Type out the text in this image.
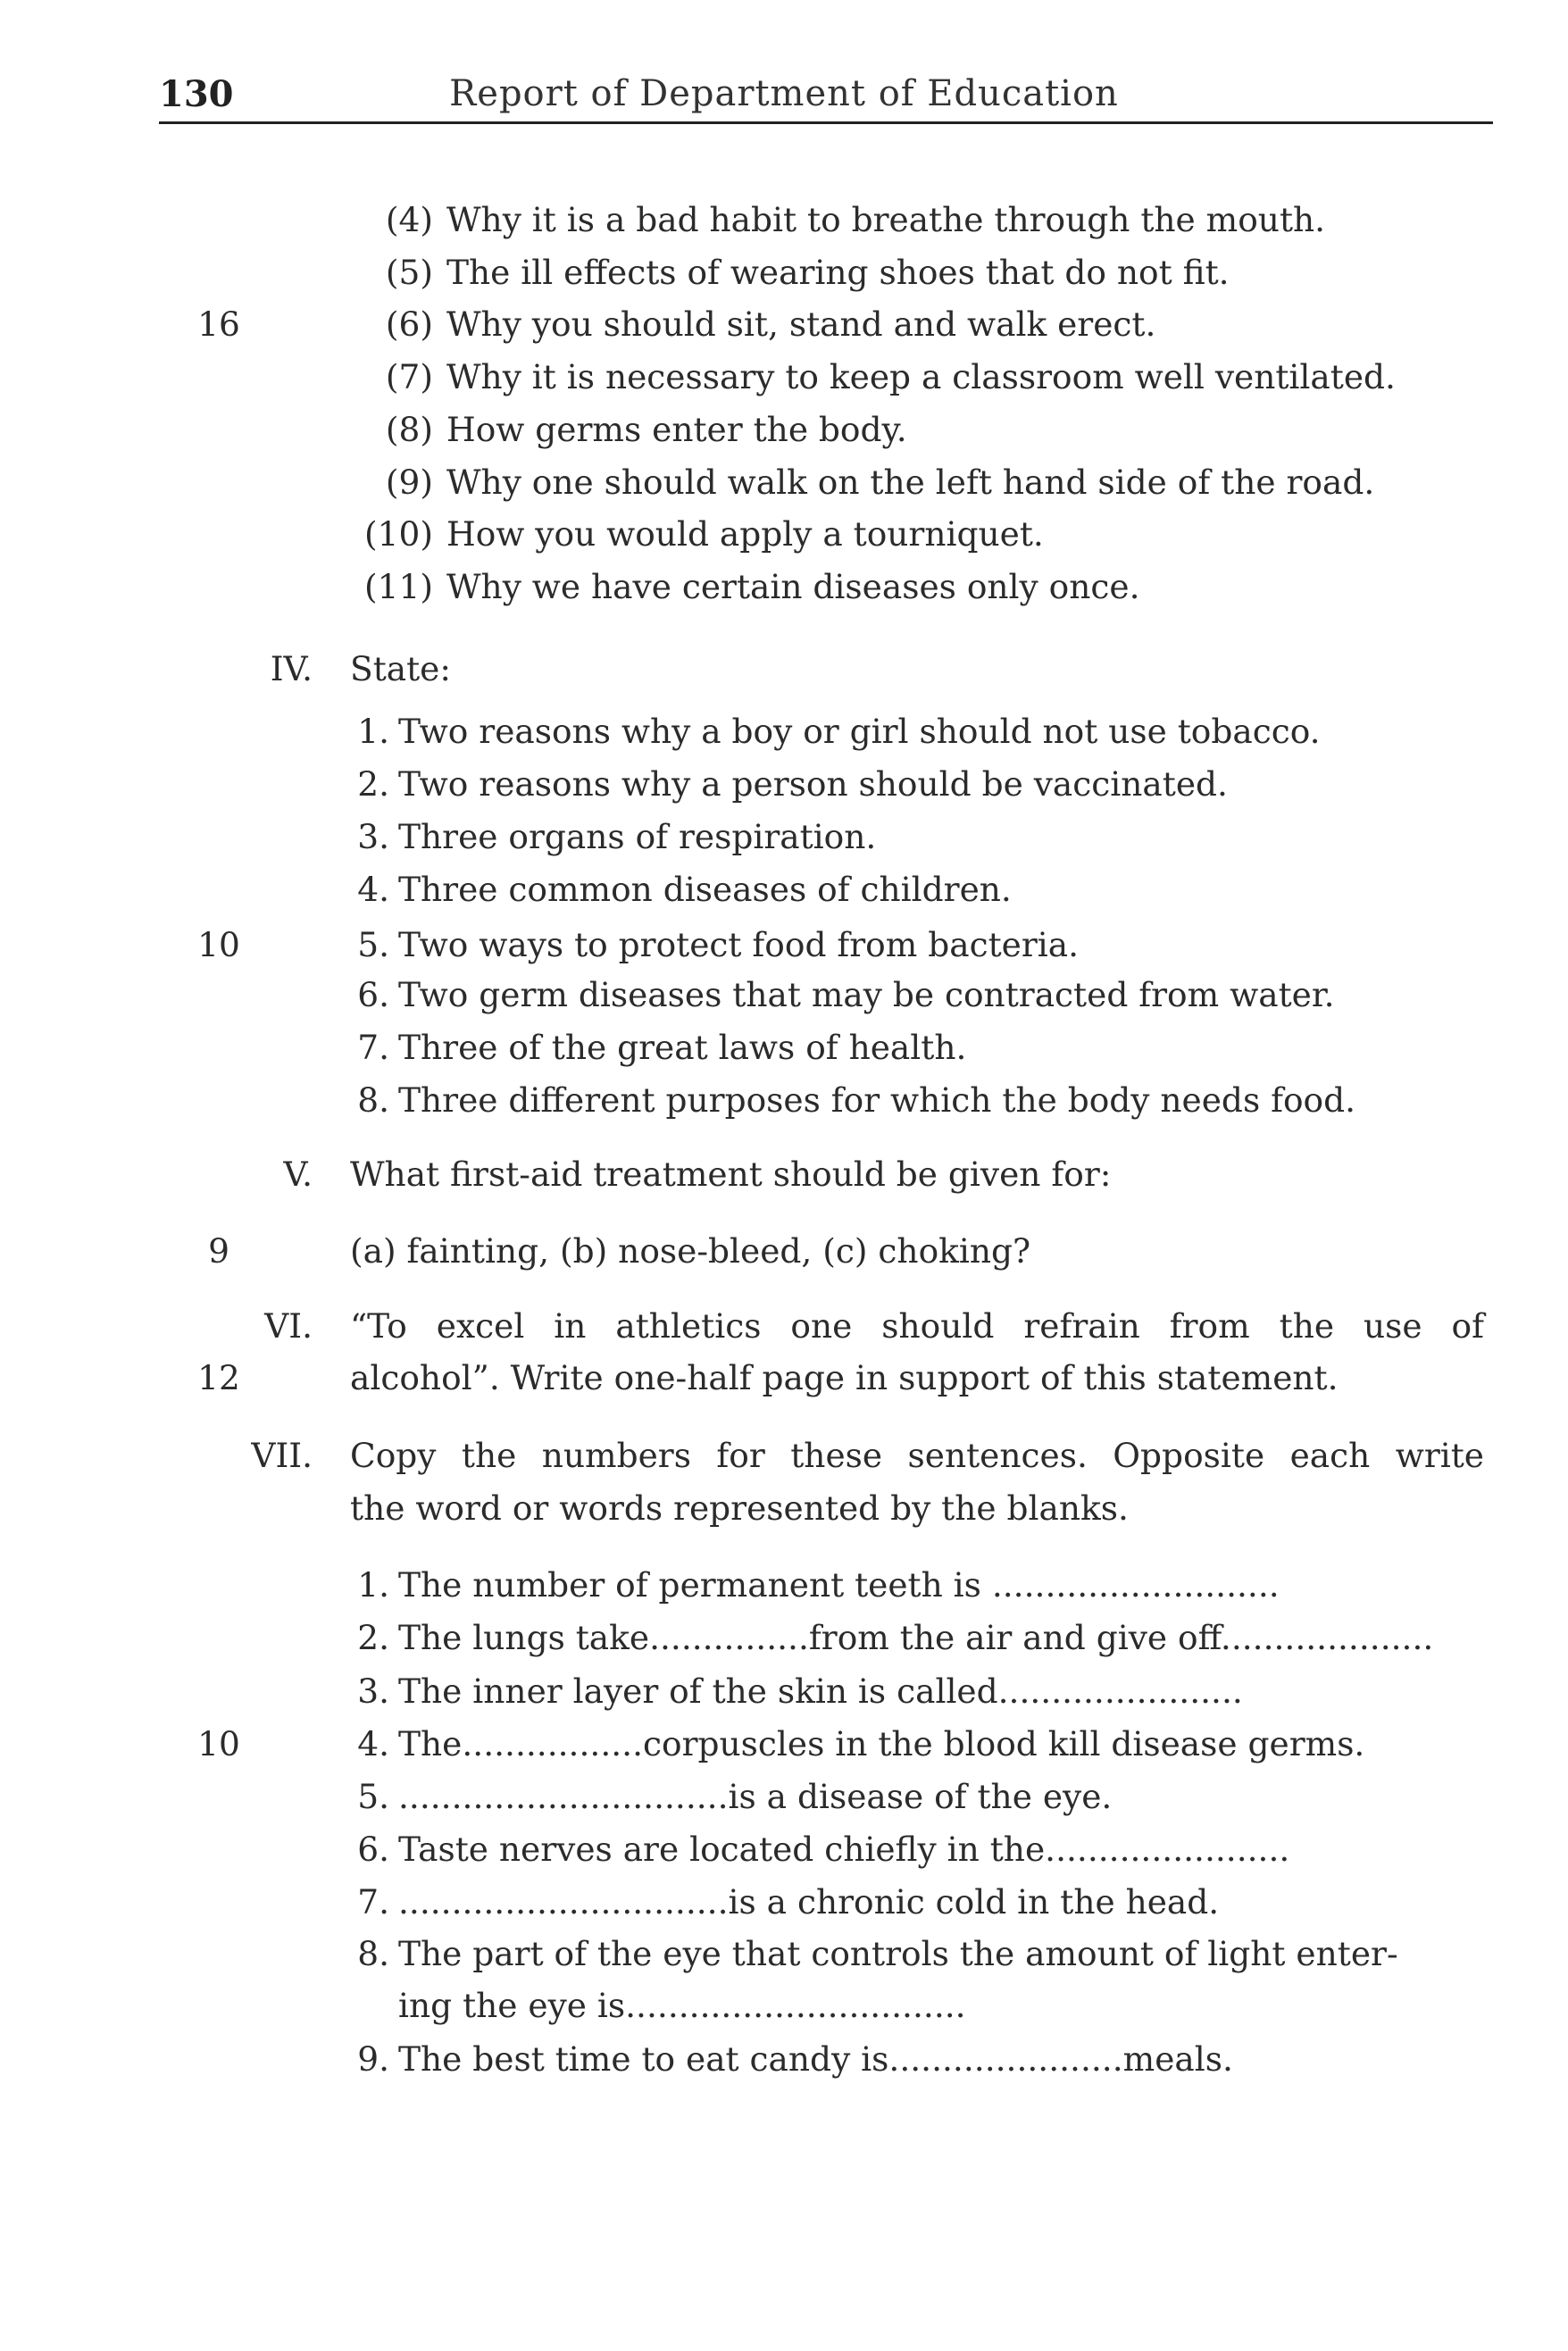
130	Report of Department of Education
16
(4) Why it is a bad habit to breathe through the mouth.
(5) The ill effects of wearing shoes that do not fit.
(6) Why you should sit, stand and walk erect.
(7) Why it is necessary to keep a classroom well ventilated.
(8) How germs enter the body.
(9) Why one should walk on the left hand side of the road.
(10) How you would apply a tourniquet.
(11) Why we have certain diseases only once.
IV. State:
10
1. Two reasons why a boy or girl should not use tobacco.
2. Two reasons why a person should be vaccinated.
3. Three organs of respiration.
4. Three common diseases of children.
5. Two ways to protect food from bacteria.
6. Two germ diseases that may be contracted from water.
7. Three of the great laws of health.
8. Three different purposes for which the body needs food.
V. What first-aid treatment should be given for:
9	(a) fainting, (b) nose-bleed, (c) choking?
VI. “To excel in athletics one should refrain from the use of
12	alcohol”. Write one-half page in support of this statement.
VII. Copy the numbers for these sentences. Opposite each write
the word or words represented by the blanks.
10
1. The number of permanent teeth is ...........................
2. The lungs take...............from the air and give off....................
3. The inner layer of the skin is called.......................
4. The.................corpuscles in the blood kill disease germs.
5. ...............................is a disease of the eye.
6. Taste nerves are located chiefly in the.......................
7. ...............................is a chronic cold in the head.
8. The part of the eye that controls the amount of light enter-
ing the eye is................................
9. The best time to eat candy is......................meals.
